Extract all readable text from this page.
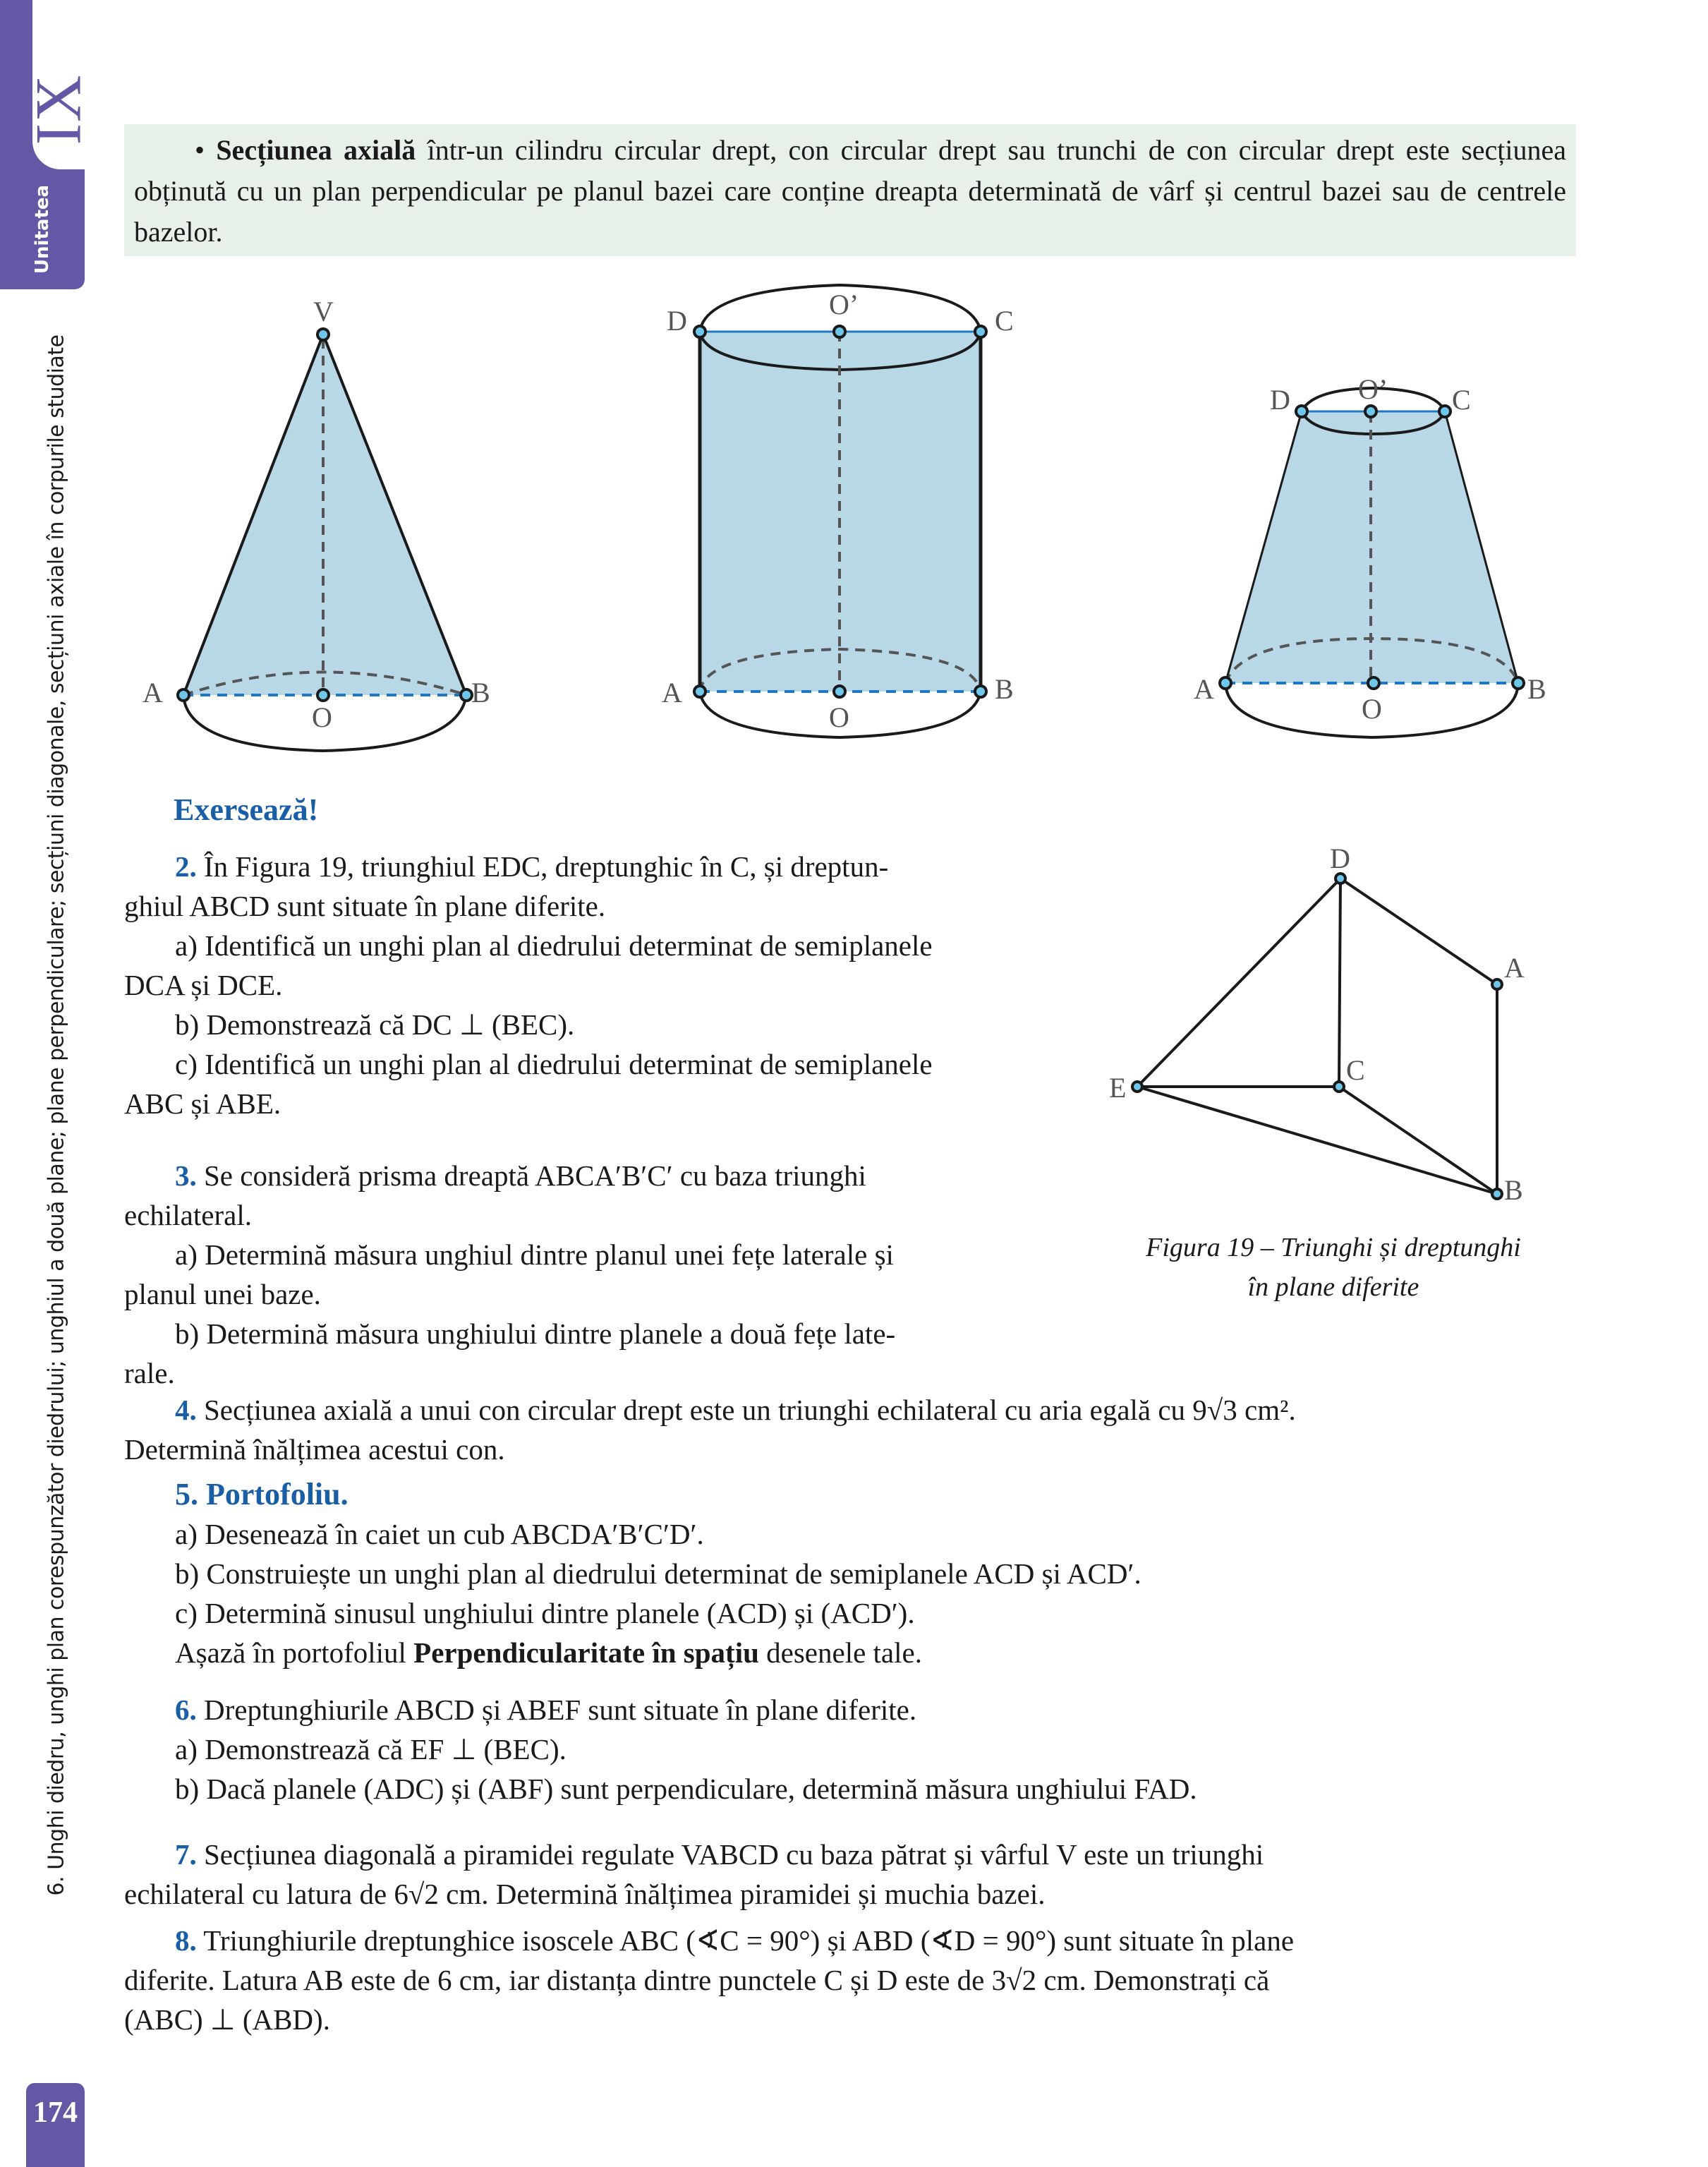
IX
Unitatea
6. Unghi diedru, unghi plan corespunzător diedrului; unghiul a două plane; plane perpendiculare; secțiuni diagonale, secțiuni axiale în corpurile studiate
174
• Secțiunea axială într-un cilindru circular drept, con circular drept sau trunchi de con circular drept este secțiunea obținută cu un plan perpendicular pe planul bazei care conține dreapta determinată de vârf și centrul bazei sau de centrele bazelor.
V
A	B
O
D
O’
C
A
O
B
D O’ C
A
O
B
D
A
C
E
B
Figura 19 – Triunghi și dreptunghi
în plane diferite
Exersează!
2. În Figura 19, triunghiul EDC, dreptunghic în C, și dreptun-
ghiul ABCD sunt situate în plane diferite.
a) Identifică un unghi plan al diedrului determinat de semiplanele
DCA și DCE.
b) Demonstrează că DC ⊥ (BEC).
c) Identifică un unghi plan al diedrului determinat de semiplanele
ABC și ABE.
3. Se consideră prisma dreaptă ABCA′B′C′ cu baza triunghi
echilateral.
a) Determină măsura unghiul dintre planul unei fețe laterale și
planul unei baze.
b) Determină măsura unghiului dintre planele a două fețe late-
rale.
4. Secțiunea axială a unui con circular drept este un triunghi echilateral cu aria egală cu 9√3 cm².
Determină înălțimea acestui con.
5. Portofoliu.
a) Desenează în caiet un cub ABCDA′B′C′D′.
b) Construiește un unghi plan al diedrului determinat de semiplanele ACD și ACD′.
c) Determină sinusul unghiului dintre planele (ACD) și (ACD′).
Așază în portofoliul Perpendicularitate în spațiu desenele tale.
6. Dreptunghiurile ABCD și ABEF sunt situate în plane diferite.
a) Demonstrează că EF ⊥ (BEC).
b) Dacă planele (ADC) și (ABF) sunt perpendiculare, determină măsura unghiului FAD.
7. Secțiunea diagonală a piramidei regulate VABCD cu baza pătrat și vârful V este un triunghi
echilateral cu latura de 6√2 cm. Determină înălțimea piramidei și muchia bazei.
8. Triunghiurile dreptunghice isoscele ABC (∢C = 90°) și ABD (∢D = 90°) sunt situate în plane
diferite. Latura AB este de 6 cm, iar distanța dintre punctele C și D este de 3√2 cm. Demonstrați că
(ABC) ⊥ (ABD).
